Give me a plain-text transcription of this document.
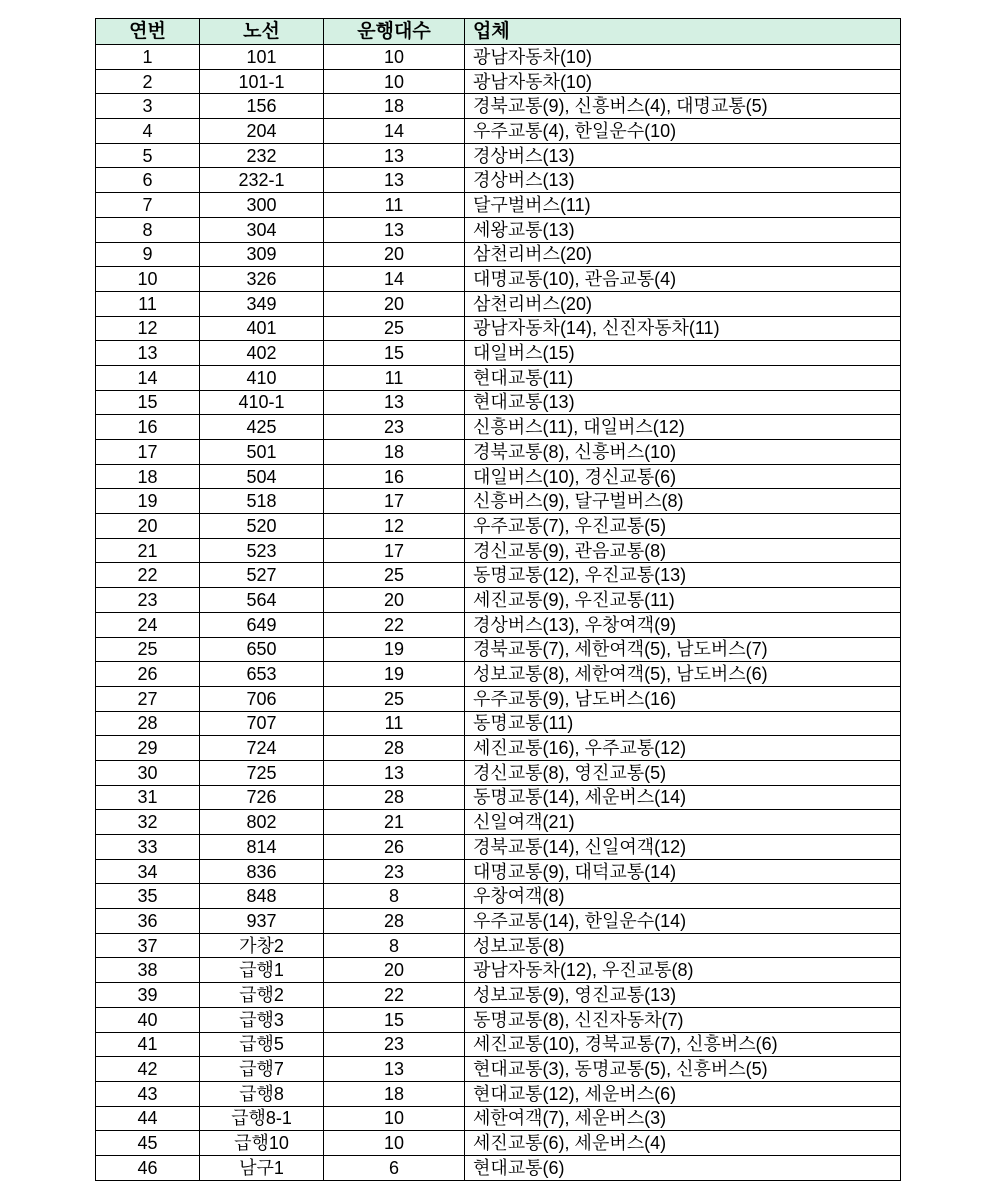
연번	노선	운행대수	업체
1	101	10	광남자동차(10)
2	101-1	10	광남자동차(10)
3	156	18	경북교통(9), 신흥버스(4), 대명교통(5)
4	204	14	우주교통(4), 한일운수(10)
5	232	13	경상버스(13)
6	232-1	13	경상버스(13)
7	300	11	달구벌버스(11)
8	304	13	세왕교통(13)
9	309	20	삼천리버스(20)
10	326	14	대명교통(10), 관음교통(4)
11	349	20	삼천리버스(20)
12	401	25	광남자동차(14), 신진자동차(11)
13	402	15	대일버스(15)
14	410	11	현대교통(11)
15	410-1	13	현대교통(13)
16	425	23	신흥버스(11), 대일버스(12)
17	501	18	경북교통(8), 신흥버스(10)
18	504	16	대일버스(10), 경신교통(6)
19	518	17	신흥버스(9), 달구벌버스(8)
20	520	12	우주교통(7), 우진교통(5)
21	523	17	경신교통(9), 관음교통(8)
22	527	25	동명교통(12), 우진교통(13)
23	564	20	세진교통(9), 우진교통(11)
24	649	22	경상버스(13), 우창여객(9)
25	650	19	경북교통(7), 세한여객(5), 남도버스(7)
26	653	19	성보교통(8), 세한여객(5), 남도버스(6)
27	706	25	우주교통(9), 남도버스(16)
28	707	11	동명교통(11)
29	724	28	세진교통(16), 우주교통(12)
30	725	13	경신교통(8), 영진교통(5)
31	726	28	동명교통(14), 세운버스(14)
32	802	21	신일여객(21)
33	814	26	경북교통(14), 신일여객(12)
34	836	23	대명교통(9), 대덕교통(14)
35	848	8	우창여객(8)
36	937	28	우주교통(14), 한일운수(14)
37	가창2	8	성보교통(8)
38	급행1	20	광남자동차(12), 우진교통(8)
39	급행2	22	성보교통(9), 영진교통(13)
40	급행3	15	동명교통(8), 신진자동차(7)
41	급행5	23	세진교통(10), 경북교통(7), 신흥버스(6)
42	급행7	13	현대교통(3), 동명교통(5), 신흥버스(5)
43	급행8	18	현대교통(12), 세운버스(6)
44	급행8-1	10	세한여객(7), 세운버스(3)
45	급행10	10	세진교통(6), 세운버스(4)
46	남구1	6	현대교통(6)
